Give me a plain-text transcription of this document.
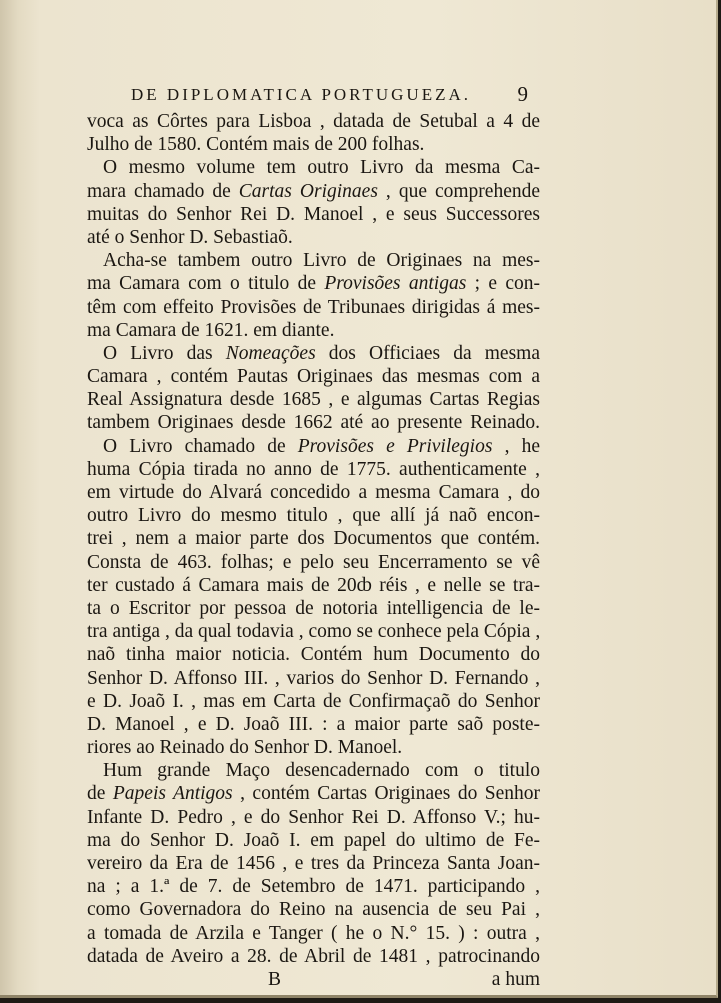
DE DIPLOMATICA PORTUGUEZA. 9
voca as Côrtes para Lisboa , datada de Setubal a 4 de
Julho de 1580. Contém mais de 200 folhas.
O mesmo volume tem outro Livro da mesma Ca-
mara chamado de Cartas Originaes , que comprehende
muitas do Senhor Rei D. Manoel , e seus Successores
até o Senhor D. Sebastiaõ.
Acha-se tambem outro Livro de Originaes na mes-
ma Camara com o titulo de Provisões antigas ; e con-
têm com effeito Provisões de Tribunaes dirigidas á mes-
ma Camara de 1621. em diante.
O Livro das Nomeações dos Officiaes da mesma
Camara , contém Pautas Originaes das mesmas com a
Real Assignatura desde 1685 , e algumas Cartas Regias
tambem Originaes desde 1662 até ao presente Reinado.
O Livro chamado de Provisões e Privilegios , he
huma Cópia tirada no anno de 1775. authenticamente ,
em virtude do Alvará concedido a mesma Camara , do
outro Livro do mesmo titulo , que allí já naõ encon-
trei , nem a maior parte dos Documentos que contém.
Consta de 463. folhas; e pelo seu Encerramento se vê
ter custado á Camara mais de 20ȸ réis , e nelle se tra-
ta o Escritor por pessoa de notoria intelligencia de le-
tra antiga , da qual todavia , como se conhece pela Cópia ,
naõ tinha maior noticia. Contém hum Documento do
Senhor D. Affonso III. , varios do Senhor D. Fernando ,
e D. Joaõ I. , mas em Carta de Confirmaçaõ do Senhor
D. Manoel , e D. Joaõ III. : a maior parte saõ poste-
riores ao Reinado do Senhor D. Manoel.
Hum grande Maço desencadernado com o titulo
de Papeis Antigos , contém Cartas Originaes do Senhor
Infante D. Pedro , e do Senhor Rei D. Affonso V.; hu-
ma do Senhor D. Joaõ I. em papel do ultimo de Fe-
vereiro da Era de 1456 , e tres da Princeza Santa Joan-
na ; a 1.ª de 7. de Setembro de 1471. participando ,
como Governadora do Reino na ausencia de seu Pai ,
a tomada de Arzila e Tanger ( he o N.° 15. ) : outra ,
datada de Aveiro a 28. de Abril de 1481 , patrocinando
B	a hum
